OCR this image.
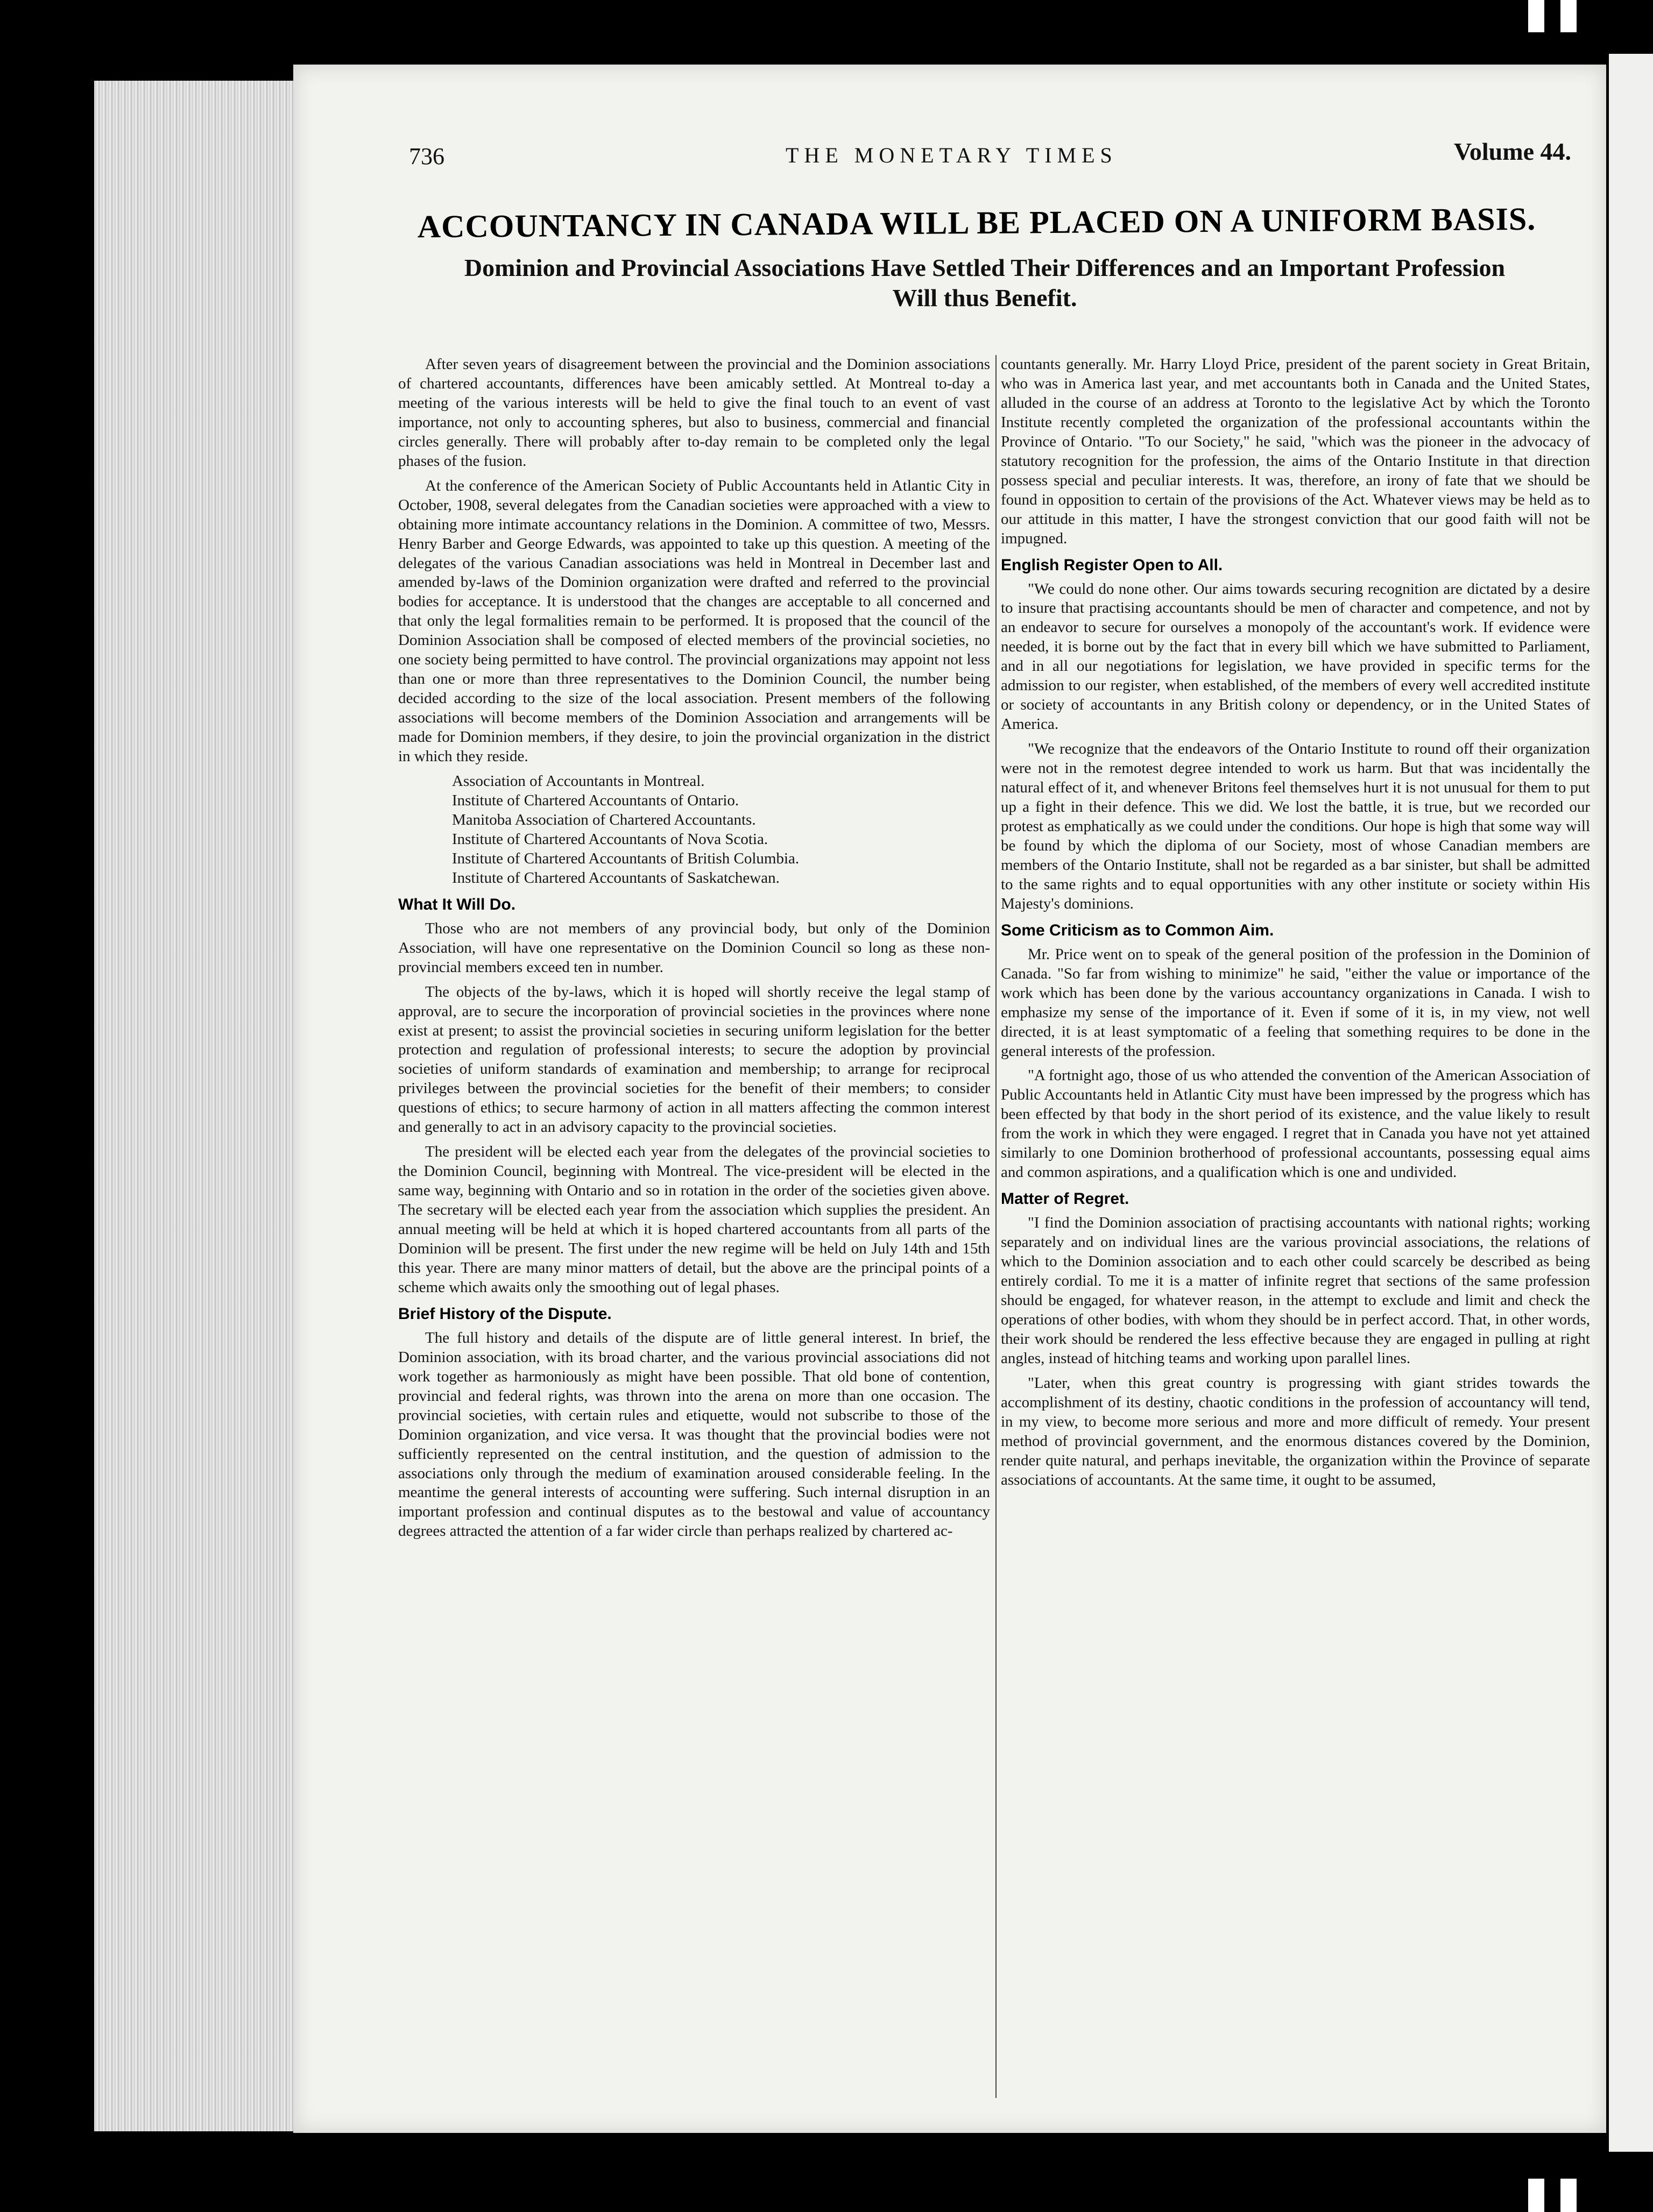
736	THE MONETARY TIMES	Volume 44.
ACCOUNTANCY IN CANADA WILL BE PLACED ON A UNIFORM BASIS.
Dominion and Provincial Associations Have Settled Their Differences and an Important Profession Will thus Benefit.

After seven years of disagreement between the provincial and the Dominion associations of chartered accountants, differences have been amicably settled. At Montreal to-day a meeting of the various interests will be held to give the final touch to an event of vast importance, not only to accounting spheres, but also to business, commercial and financial circles generally. There will probably after to-day remain to be completed only the legal phases of the fusion.

At the conference of the American Society of Public Accountants held in Atlantic City in October, 1908, several delegates from the Canadian societies were approached with a view to obtaining more intimate accountancy relations in the Dominion. A committee of two, Messrs. Henry Barber and George Edwards, was appointed to take up this question. A meeting of the delegates of the various Canadian associations was held in Montreal in December last and amended by-laws of the Dominion organization were drafted and referred to the provincial bodies for acceptance. It is understood that the changes are acceptable to all concerned and that only the legal formalities remain to be performed. It is proposed that the council of the Dominion Association shall be composed of elected members of the provincial societies, no one society being permitted to have control. The provincial organizations may appoint not less than one or more than three representatives to the Dominion Council, the number being decided according to the size of the local association. Present members of the following associations will become members of the Dominion Association and arrangements will be made for Dominion members, if they desire, to join the provincial organization in the district in which they reside.

Association of Accountants in Montreal.
Institute of Chartered Accountants of Ontario.
Manitoba Association of Chartered Accountants.
Institute of Chartered Accountants of Nova Scotia.
Institute of Chartered Accountants of British Columbia.
Institute of Chartered Accountants of Saskatchewan.
What It Will Do.

Those who are not members of any provincial body, but only of the Dominion Association, will have one representative on the Dominion Council so long as these non-provincial members exceed ten in number.

The objects of the by-laws, which it is hoped will shortly receive the legal stamp of approval, are to secure the incorporation of provincial societies in the provinces where none exist at present; to assist the provincial societies in securing uniform legislation for the better protection and regulation of professional interests; to secure the adoption by provincial societies of uniform standards of examination and membership; to arrange for reciprocal privileges between the provincial societies for the benefit of their members; to consider questions of ethics; to secure harmony of action in all matters affecting the common interest and generally to act in an advisory capacity to the provincial societies.

The president will be elected each year from the delegates of the provincial societies to the Dominion Council, beginning with Montreal. The vice-president will be elected in the same way, beginning with Ontario and so in rotation in the order of the societies given above. The secretary will be elected each year from the association which supplies the president. An annual meeting will be held at which it is hoped chartered accountants from all parts of the Dominion will be present. The first under the new regime will be held on July 14th and 15th this year. There are many minor matters of detail, but the above are the principal points of a scheme which awaits only the smoothing out of legal phases.

Brief History of the Dispute.

The full history and details of the dispute are of little general interest. In brief, the Dominion association, with its broad charter, and the various provincial associations did not work together as harmoniously as might have been possible. That old bone of contention, provincial and federal rights, was thrown into the arena on more than one occasion. The provincial societies, with certain rules and etiquette, would not subscribe to those of the Dominion organization, and vice versa. It was thought that the provincial bodies were not sufficiently represented on the central institution, and the question of admission to the associations only through the medium of examination aroused considerable feeling. In the meantime the general interests of accounting were suffering. Such internal disruption in an important profession and continual disputes as to the bestowal and value of accountancy degrees attracted the attention of a far wider circle than perhaps realized by chartered ac-

countants generally. Mr. Harry Lloyd Price, president of the parent society in Great Britain, who was in America last year, and met accountants both in Canada and the United States, alluded in the course of an address at Toronto to the legislative Act by which the Toronto Institute recently completed the organization of the professional accountants within the Province of Ontario. "To our Society," he said, "which was the pioneer in the advocacy of statutory recognition for the profession, the aims of the Ontario Institute in that direction possess special and peculiar interests. It was, therefore, an irony of fate that we should be found in opposition to certain of the provisions of the Act. Whatever views may be held as to our attitude in this matter, I have the strongest conviction that our good faith will not be impugned.

English Register Open to All.

"We could do none other. Our aims towards securing recognition are dictated by a desire to insure that practising accountants should be men of character and competence, and not by an endeavor to secure for ourselves a monopoly of the accountant's work. If evidence were needed, it is borne out by the fact that in every bill which we have submitted to Parliament, and in all our negotiations for legislation, we have provided in specific terms for the admission to our register, when established, of the members of every well accredited institute or society of accountants in any British colony or dependency, or in the United States of America.

"We recognize that the endeavors of the Ontario Institute to round off their organization were not in the remotest degree intended to work us harm. But that was incidentally the natural effect of it, and whenever Britons feel themselves hurt it is not unusual for them to put up a fight in their defence. This we did. We lost the battle, it is true, but we recorded our protest as emphatically as we could under the conditions. Our hope is high that some way will be found by which the diploma of our Society, most of whose Canadian members are members of the Ontario Institute, shall not be regarded as a bar sinister, but shall be admitted to the same rights and to equal opportunities with any other institute or society within His Majesty's dominions.

Some Criticism as to Common Aim.

Mr. Price went on to speak of the general position of the profession in the Dominion of Canada. "So far from wishing to minimize" he said, "either the value or importance of the work which has been done by the various accountancy organizations in Canada. I wish to emphasize my sense of the importance of it. Even if some of it is, in my view, not well directed, it is at least symptomatic of a feeling that something requires to be done in the general interests of the profession.

"A fortnight ago, those of us who attended the convention of the American Association of Public Accountants held in Atlantic City must have been impressed by the progress which has been effected by that body in the short period of its existence, and the value likely to result from the work in which they were engaged. I regret that in Canada you have not yet attained similarly to one Dominion brotherhood of professional accountants, possessing equal aims and common aspirations, and a qualification which is one and undivided.

Matter of Regret.

"I find the Dominion association of practising accountants with national rights; working separately and on individual lines are the various provincial associations, the relations of which to the Dominion association and to each other could scarcely be described as being entirely cordial. To me it is a matter of infinite regret that sections of the same profession should be engaged, for whatever reason, in the attempt to exclude and limit and check the operations of other bodies, with whom they should be in perfect accord. That, in other words, their work should be rendered the less effective because they are engaged in pulling at right angles, instead of hitching teams and working upon parallel lines.

"Later, when this great country is progressing with giant strides towards the accomplishment of its destiny, chaotic conditions in the profession of accountancy will tend, in my view, to become more serious and more and more difficult of remedy. Your present method of provincial government, and the enormous distances covered by the Dominion, render quite natural, and perhaps inevitable, the organization within the Province of separate associations of accountants. At the same time, it ought to be assumed,
